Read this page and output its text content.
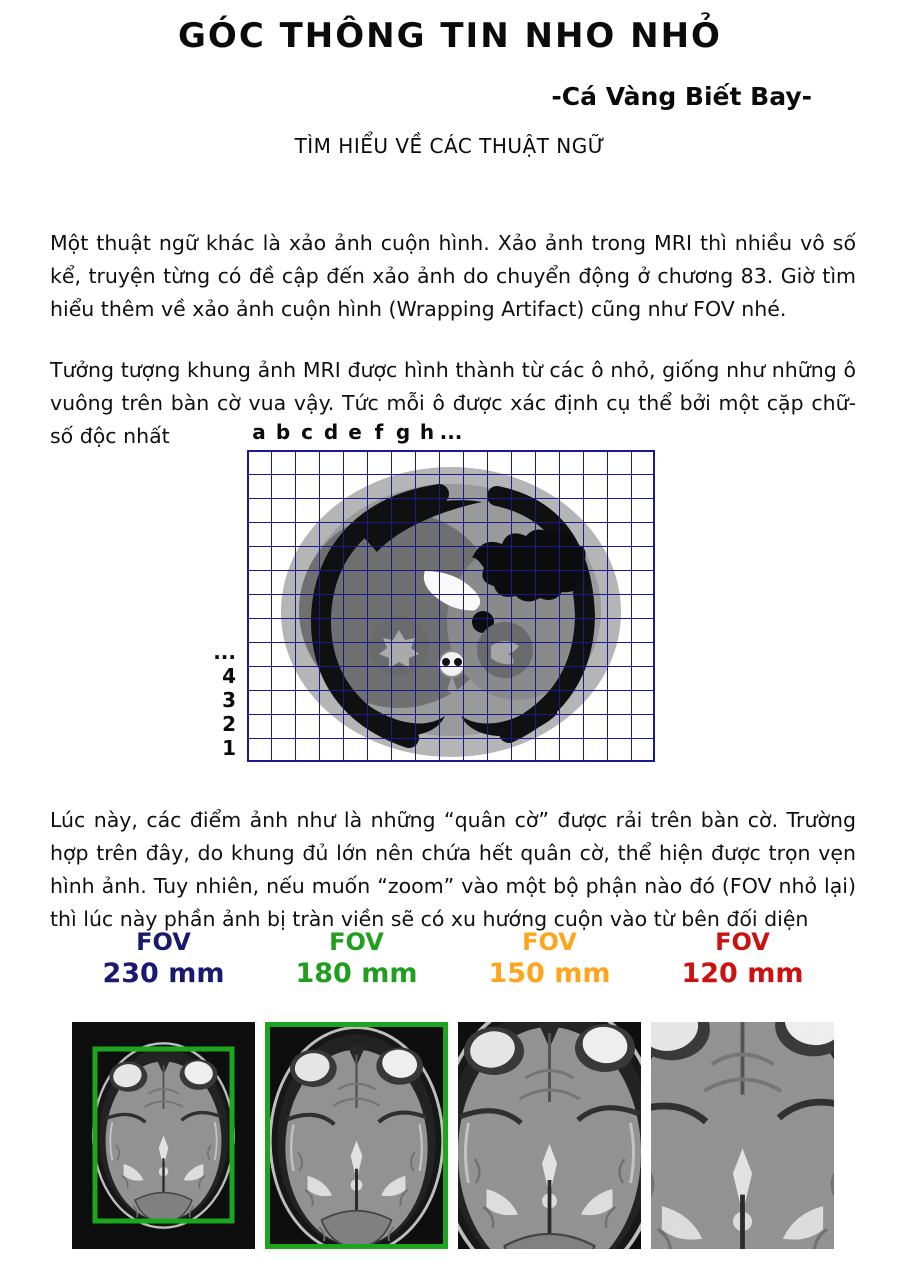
GÓC THÔNG TIN NHO NHỎ
-Cá Vàng Biết Bay-
TÌM HIỂU VỀ CÁC THUẬT NGỮ

Một thuật ngữ khác là xảo ảnh cuộn hình. Xảo ảnh trong MRI thì nhiều vô số kể, truyện từng có đề cập đến xảo ảnh do chuyển động ở chương 83. Giờ tìm hiểu thêm về xảo ảnh cuộn hình (Wrapping Artifact) cũng như FOV nhé.

Tưởng tượng khung ảnh MRI được hình thành từ các ô nhỏ, giống như những ô vuông trên bàn cờ vua vậy. Tức mỗi ô được xác định cụ thể bởi một cặp chữ-số độc nhất

Lúc này, các điểm ảnh như là những “quân cờ” được rải trên bàn cờ. Trường hợp trên đây, do khung đủ lớn nên chứa hết quân cờ, thể hiện được trọn vẹn hình ảnh. Tuy nhiên, nếu muốn “zoom” vào một bộ phận nào đó (FOV nhỏ lại) thì lúc này phần ảnh bị tràn viền sẽ có xu hướng cuộn vào từ bên đối diện

a b c d e f g h ...
...
4
3
2
1
FOV
230 mm
FOV
180 mm
FOV
150 mm
FOV
120 mm
